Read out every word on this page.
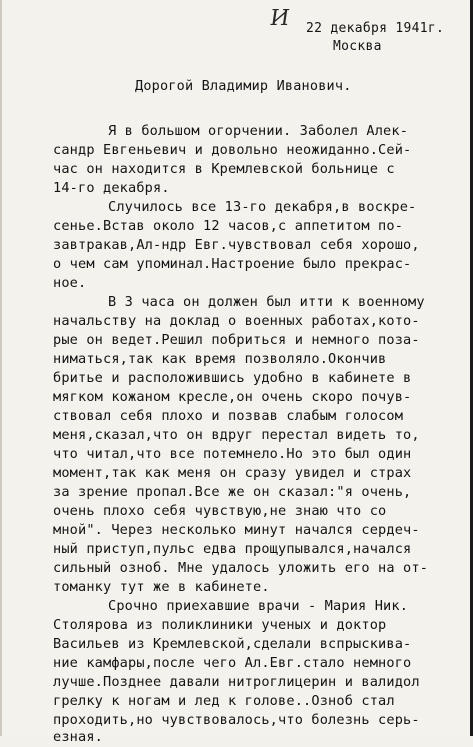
И 22 декабря 1941г.
Москва
Дорогой Владимир Иванович.
Я в большом огорчении. Заболел Алек-
сандр Евгеньевич и довольно неожиданно.Сей-
час он находится в Кремлевской больнице с
14-го декабря.
Случилось все 13-го декабря,в воскре-
сенье.Встав около 12 часов,с аппетитом по-
завтракав,Ал-ндр Евг.чувствовал себя хорошо,
о чем сам упоминал.Настроение было прекрас-
ное.
В 3 часа он должен был итти к военному
начальству на доклад о военных работах,кото-
рые он ведет.Решил побриться и немного поза-
ниматься,так как время позволяло.Окончив
бритье и расположившись удобно в кабинете в
мягком кожаном кресле,он очень скоро почув-
ствовал себя плохо и позвав слабым голосом
меня,сказал,что он вдруг перестал видеть то,
что читал,что все потемнело.Но это был один
момент,так как меня он сразу увидел и страх
за зрение пропал.Все же он сказал:"я очень,
очень плохо себя чувствую,не знаю что со
мной". Через несколько минут начался сердеч-
ный приступ,пульс едва прощупывался,начался
сильный озноб. Мне удалось уложить его на от-
томанку тут же в кабинете.
Срочно приехавшие врачи - Мария Ник.
Столярова из поликлиники ученых и доктор
Васильев из Кремлевской,сделали вспрыскива-
ние камфары,после чего Ал.Евг.стало немного
лучше.Позднее давали нитроглицерин и валидол
грелку к ногам и лед к голове..Озноб стал
проходить,но чувствовалось,что болезнь серь-
езная.
